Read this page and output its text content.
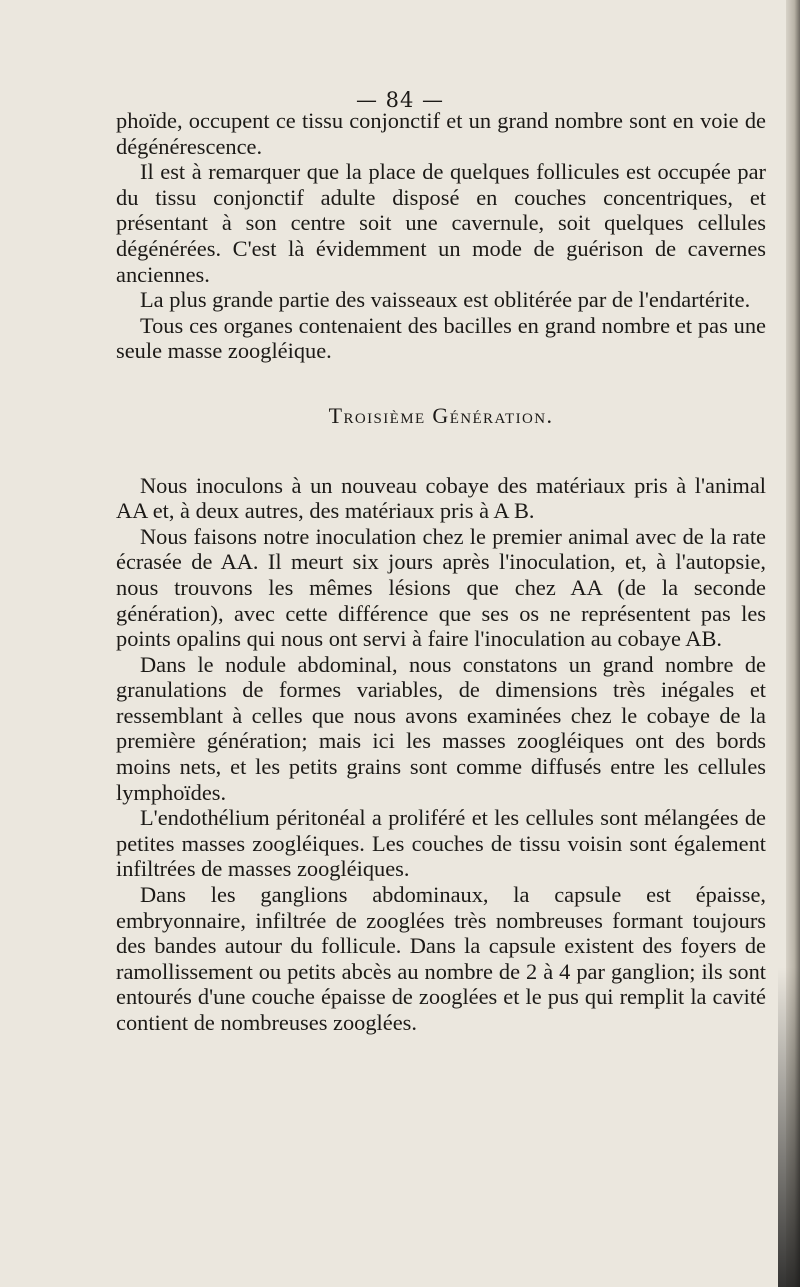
— 84 —

phoïde, occupent ce tissu conjonctif et un grand nombre sont en voie de dégénérescence.

Il est à remarquer que la place de quelques follicules est occupée par du tissu conjonctif adulte disposé en couches concentriques, et présentant à son centre soit une cavernule, soit quelques cellules dégénérées. C'est là évidemment un mode de guérison de cavernes anciennes.

La plus grande partie des vaisseaux est oblitérée par de l'endartérite.

Tous ces organes contenaient des bacilles en grand nombre et pas une seule masse zoogléique.

Troisième Génération.

Nous inoculons à un nouveau cobaye des matériaux pris à l'animal AA et, à deux autres, des matériaux pris à A B.

Nous faisons notre inoculation chez le premier animal avec de la rate écrasée de AA. Il meurt six jours après l'inoculation, et, à l'autopsie, nous trouvons les mêmes lésions que chez AA (de la seconde génération), avec cette différence que ses os ne représentent pas les points opalins qui nous ont servi à faire l'inoculation au cobaye AB.

Dans le nodule abdominal, nous constatons un grand nombre de granulations de formes variables, de dimensions très inégales et ressemblant à celles que nous avons examinées chez le cobaye de la première génération; mais ici les masses zoogléiques ont des bords moins nets, et les petits grains sont comme diffusés entre les cellules lymphoïdes.

L'endothélium péritonéal a proliféré et les cellules sont mélangées de petites masses zoogléiques. Les couches de tissu voisin sont également infiltrées de masses zoogléiques.

Dans les ganglions abdominaux, la capsule est épaisse, embryonnaire, infiltrée de zooglées très nombreuses formant toujours des bandes autour du follicule. Dans la capsule existent des foyers de ramollissement ou petits abcès au nombre de 2 à 4 par ganglion; ils sont entourés d'une couche épaisse de zooglées et le pus qui remplit la cavité contient de nombreuses zooglées.
